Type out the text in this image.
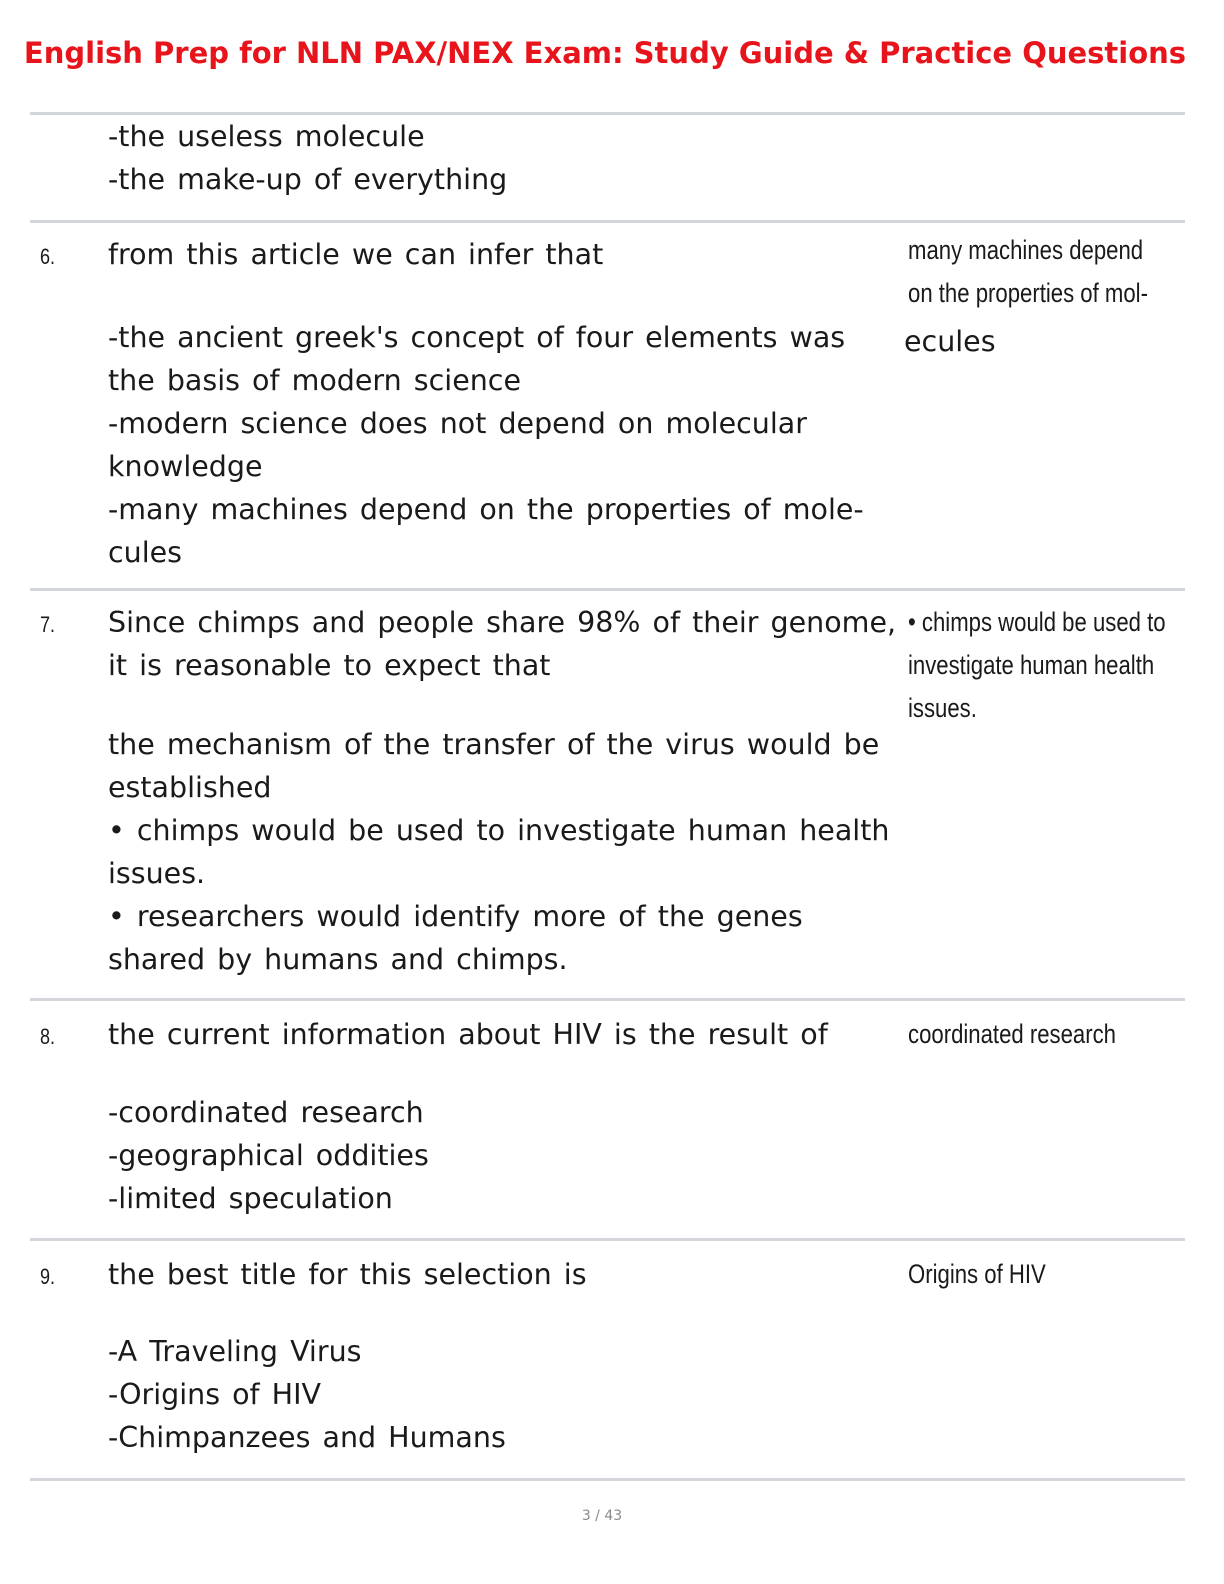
English Prep for NLN PAX/NEX Exam: Study Guide & Practice Questions
-the useless molecule
-the make-up of everything
6. from this article we can infer that
-the ancient greek's concept of four elements was the basis of modern science
-modern science does not depend on molecular knowledge
-many machines depend on the properties of mole- cules
many machines depend on the properties of mol-
ecules
7. Since chimps and people share 98% of their genome, it is reasonable to expect that
the mechanism of the transfer of the virus would be established
• chimps would be used to investigate human health issues.
• researchers would identify more of the genes shared by humans and chimps.
• chimps would be used to investigate human health issues.
8. the current information about HIV is the result of
-coordinated research
-geographical oddities
-limited speculation
coordinated research
9. the best title for this selection is
-A Traveling Virus
-Origins of HIV
-Chimpanzees and Humans
Origins of HIV
3 / 43
